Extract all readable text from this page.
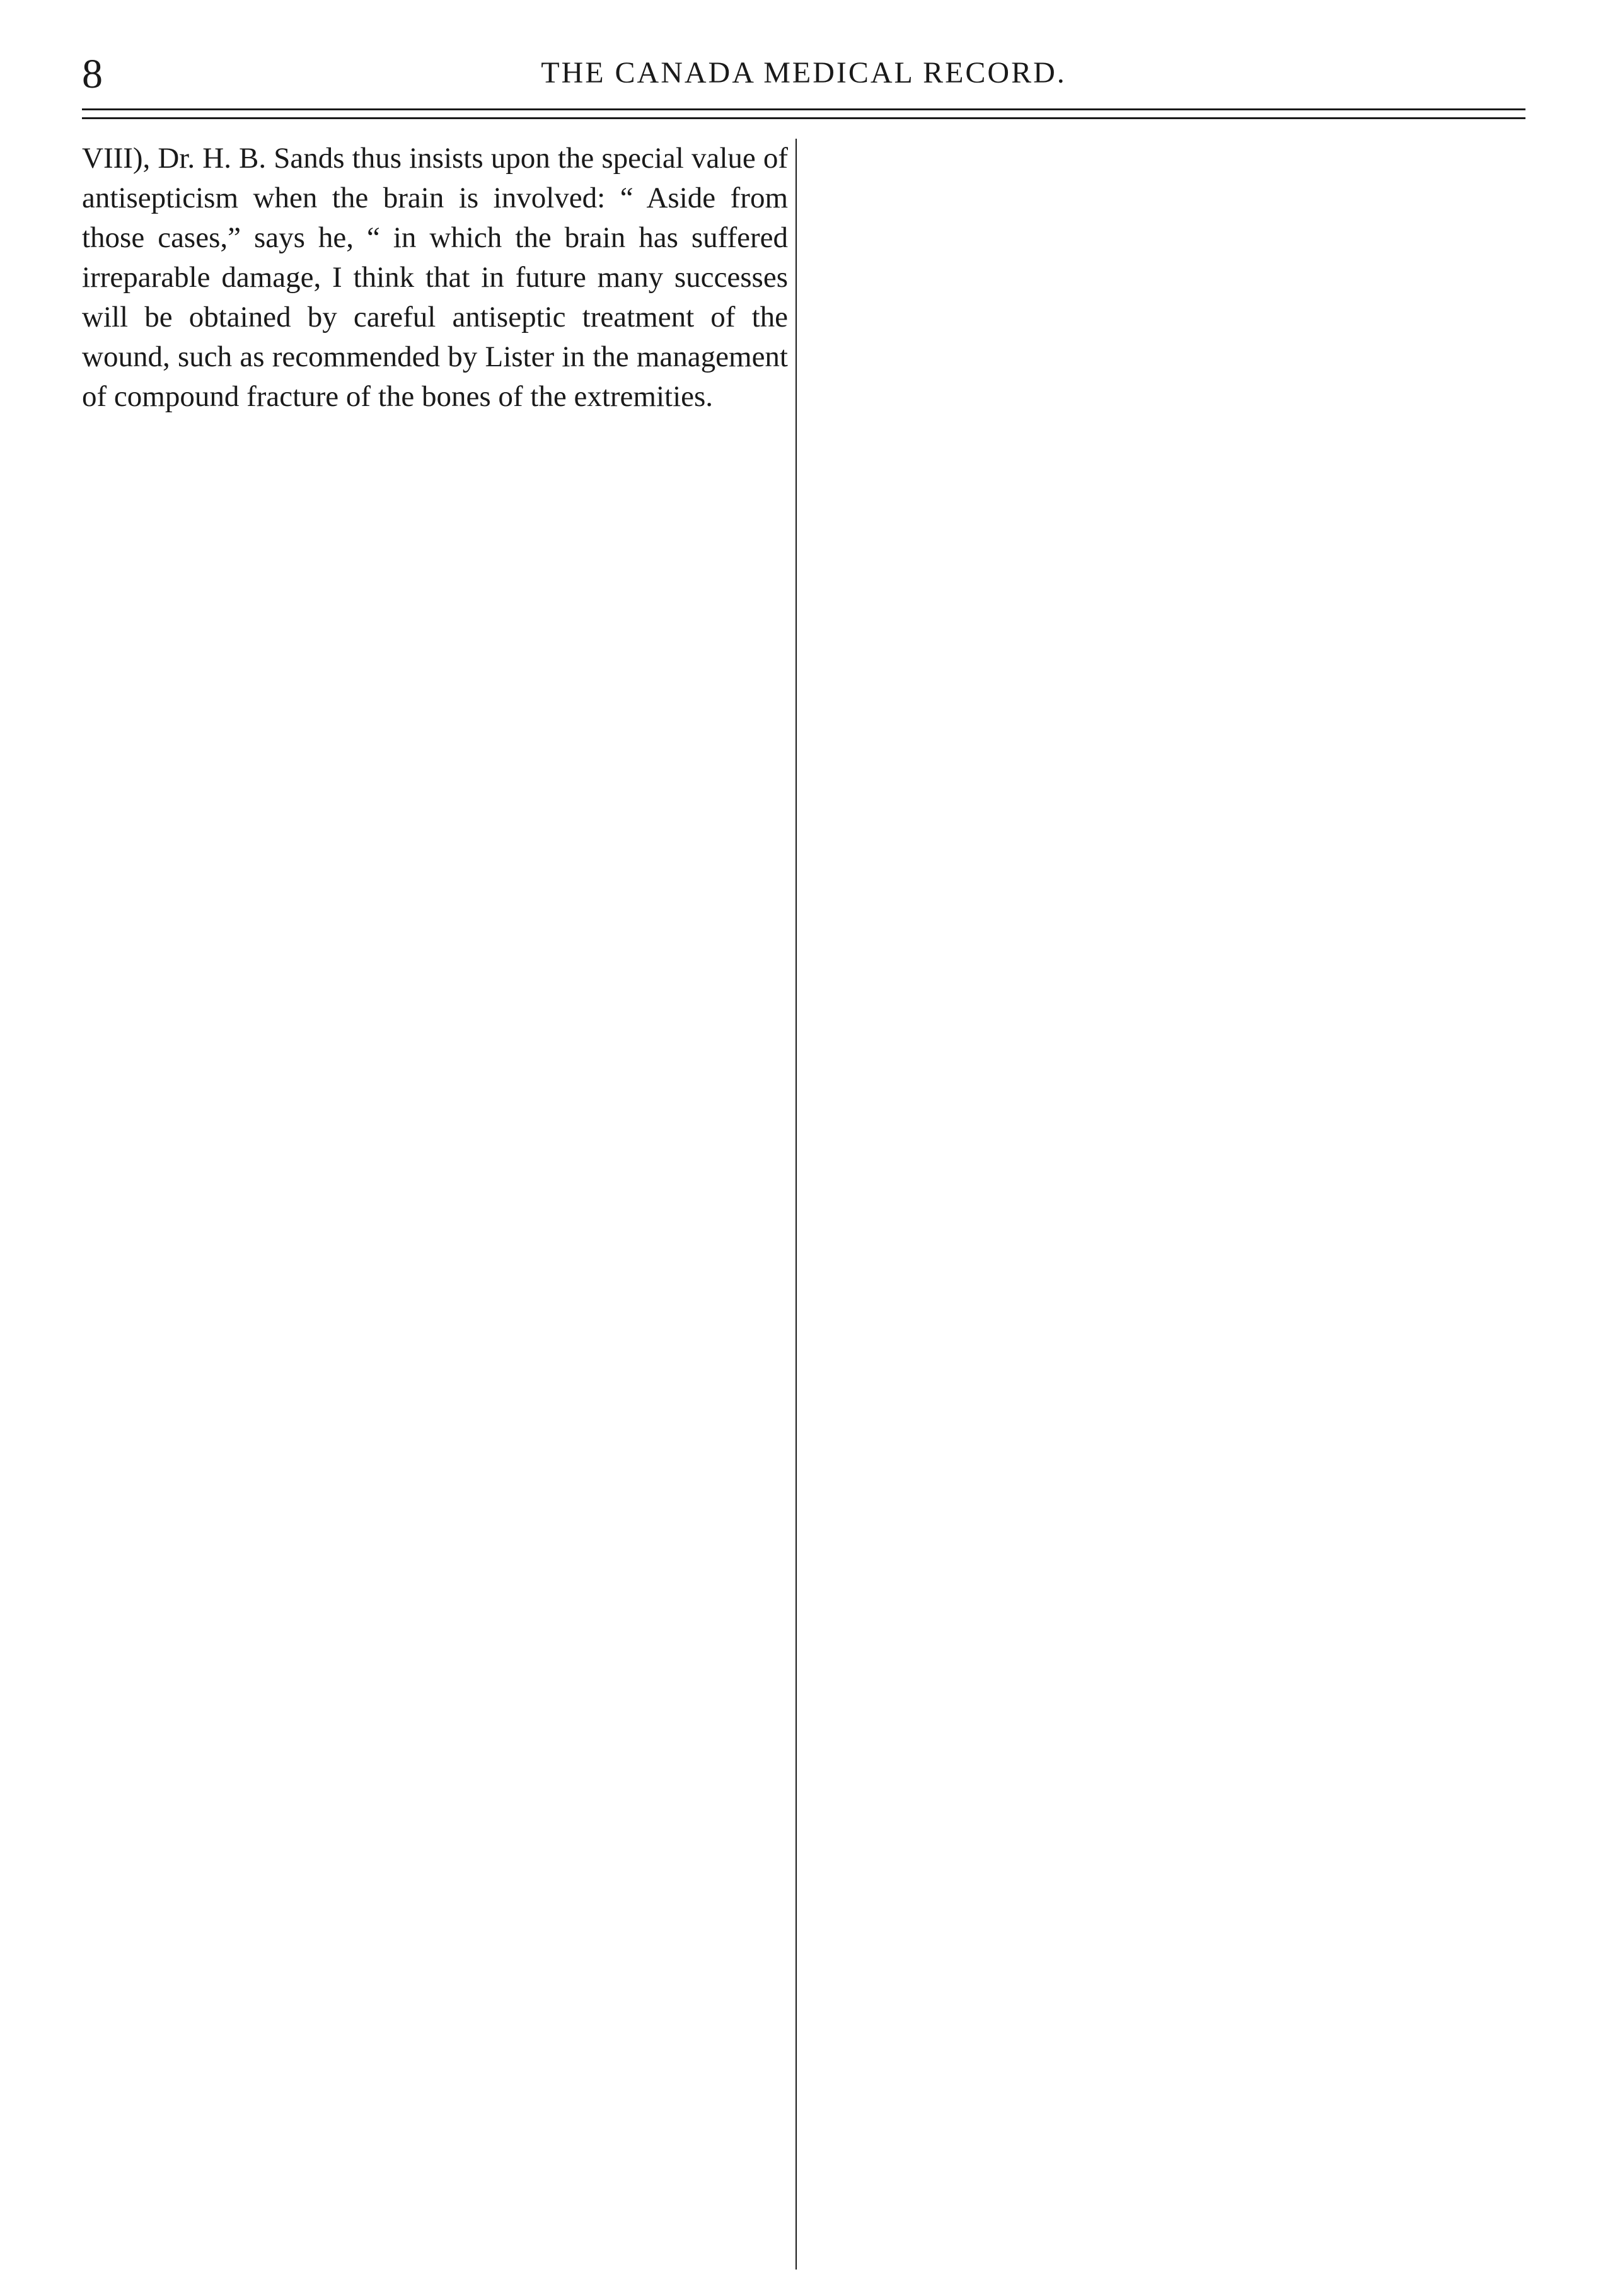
8	THE CANADA MEDICAL RECORD.

VIII), Dr. H. B. Sands thus insists upon the special value of antisepticism when the brain is involved: “ Aside from those cases,” says he, “ in which the brain has suffered irreparable damage, I think that in future many successes will be obtained by careful antiseptic treatment of the wound, such as recommended by Lister in the management of compound fracture of the bones of the extremities.
